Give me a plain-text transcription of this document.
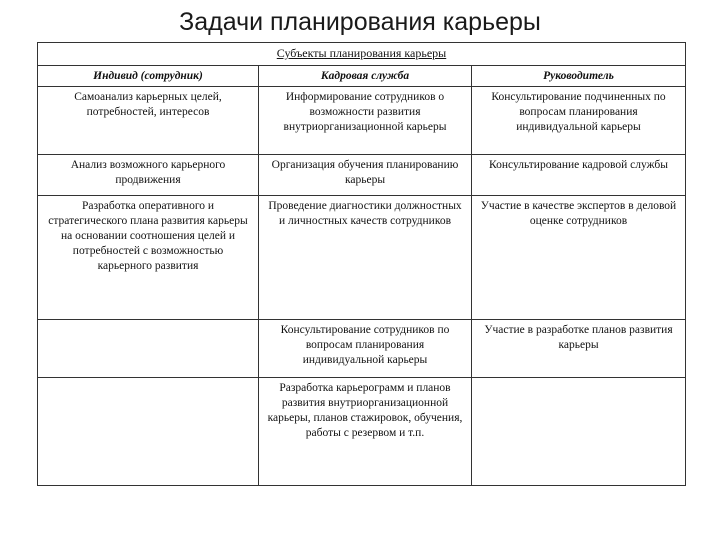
Задачи планирования карьеры
Субъекты планирования карьеры		
Индивид (сотрудник)	Кадровая служба	Руководитель

Самоанализ карьерных целей, потребностей, интересов	Информирование сотрудников о возможности развития внутриорганизационной карьеры	Консультирование подчиненных по вопросам планирования индивидуальной карьеры

Анализ возможного карьерного продвижения	Организация обучения планированию карьеры	Консультирование кадровой службы

Разработка оперативного и стратегического плана развития карьеры на основании соотношения целей и потребностей с возможностью карьерного развития	Проведение диагностики должностных и личностных качеств сотрудников	Участие в качестве экспертов в деловой оценке сотрудников

	Консультирование сотрудников по вопросам планирования индивидуальной карьеры	Участие в разработке планов развития карьеры

	Разработка карьерограмм и планов развития внутриорганизационной карьеры, планов стажировок, обучения, работы с резервом и т.п.	
